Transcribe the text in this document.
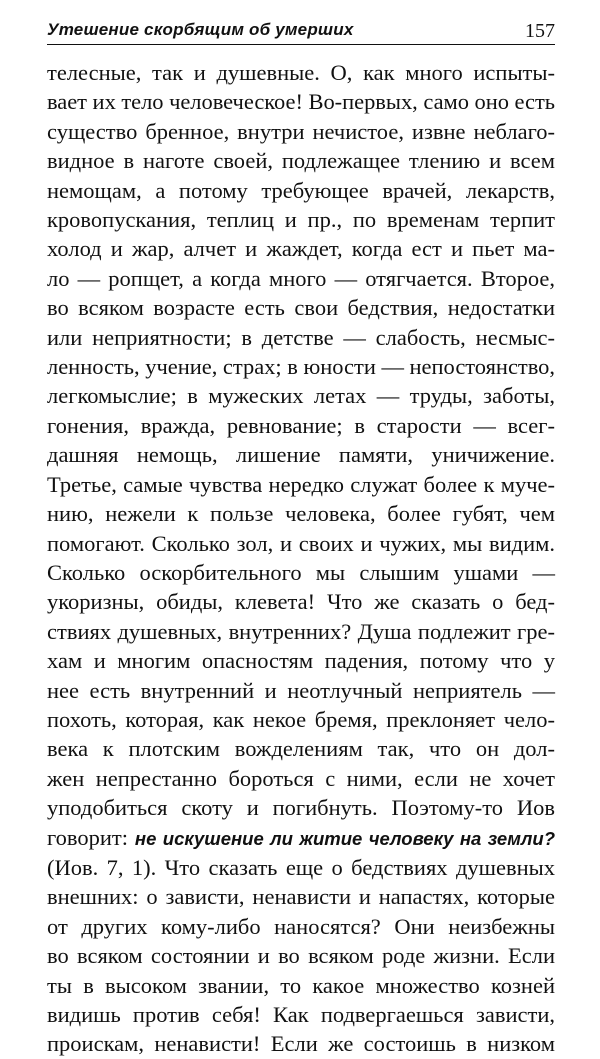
Утешение скорбящим об умерших	157
телесные, так и душевные. О, как много испыты-
вает их тело человеческое! Во-первых, само оно есть
существо бренное, внутри нечистое, извне неблаго-
видное в наготе своей, подлежащее тлению и всем
немощам, а потому требующее врачей, лекарств,
кровопускания, теплиц и пр., по временам терпит
холод и жар, алчет и жаждет, когда ест и пьет ма-
ло — ропщет, а когда много — отягчается. Второе,
во всяком возрасте есть свои бедствия, недостатки
или неприятности; в детстве — слабость, несмыс-
ленность, учение, страх; в юности — непостоянство,
легкомыслие; в мужеских летах — труды, заботы,
гонения, вражда, ревнование; в старости — всег-
дашняя немощь, лишение памяти, уничижение.
Третье, самые чувства нередко служат более к муче-
нию, нежели к пользе человека, более губят, чем
помогают. Сколько зол, и своих и чужих, мы видим.
Сколько оскорбительного мы слышим ушами —
укоризны, обиды, клевета! Что же сказать о бед-
ствиях душевных, внутренних? Душа подлежит гре-
хам и многим опасностям падения, потому что у
нее есть внутренний и неотлучный неприятель —
похоть, которая, как некое бремя, преклоняет чело-
века к плотским вожделениям так, что он дол-
жен непрестанно бороться с ними, если не хочет
уподобиться скоту и погибнуть. Поэтому-то Иов
говорит: не искушение ли житие человеку на земли?
(Иов. 7, 1). Что сказать еще о бедствиях душевных
внешних: о зависти, ненависти и напастях, которые
от других кому-либо наносятся? Они неизбежны
во всяком состоянии и во всяком роде жизни. Если
ты в высоком звании, то какое множество козней
видишь против себя! Как подвергаешься зависти,
проискам, ненависти! Если же состоишь в низком
